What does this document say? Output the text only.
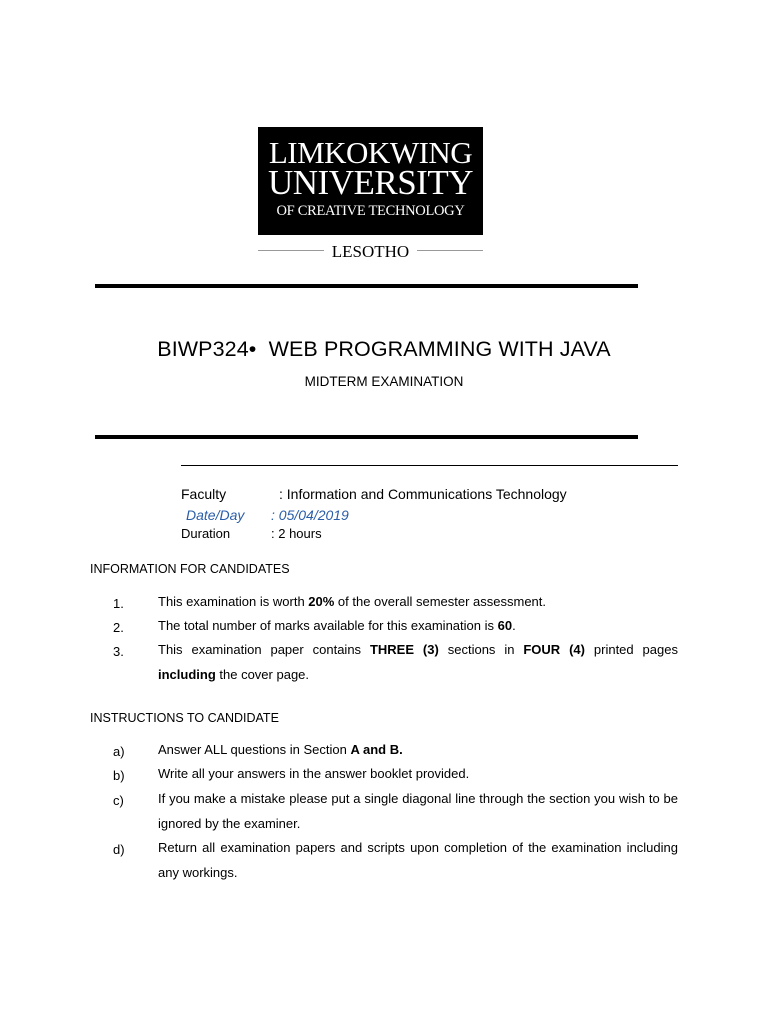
LIMKOKWING
UNIVERSITY
OF CREATIVE TECHNOLOGY
LESOTHO
BIWP324• WEB PROGRAMMING WITH JAVA
MIDTERM EXAMINATION
Faculty	: Information and Communications Technology
Date/Day : 05/04/2019
Duration	: 2 hours
INFORMATION FOR CANDIDATES
1.	This examination is worth 20% of the overall semester assessment.
2.	The total number of marks available for this examination is 60.
3.	This examination paper contains THREE (3) sections in FOUR (4) printed pages including the cover page.
INSTRUCTIONS TO CANDIDATE
a)	Answer ALL questions in Section A and B.
b)	Write all your answers in the answer booklet provided.
c)	If you make a mistake please put a single diagonal line through the section you wish to be ignored by the examiner.
d)	Return all examination papers and scripts upon completion of the examination including any workings.
